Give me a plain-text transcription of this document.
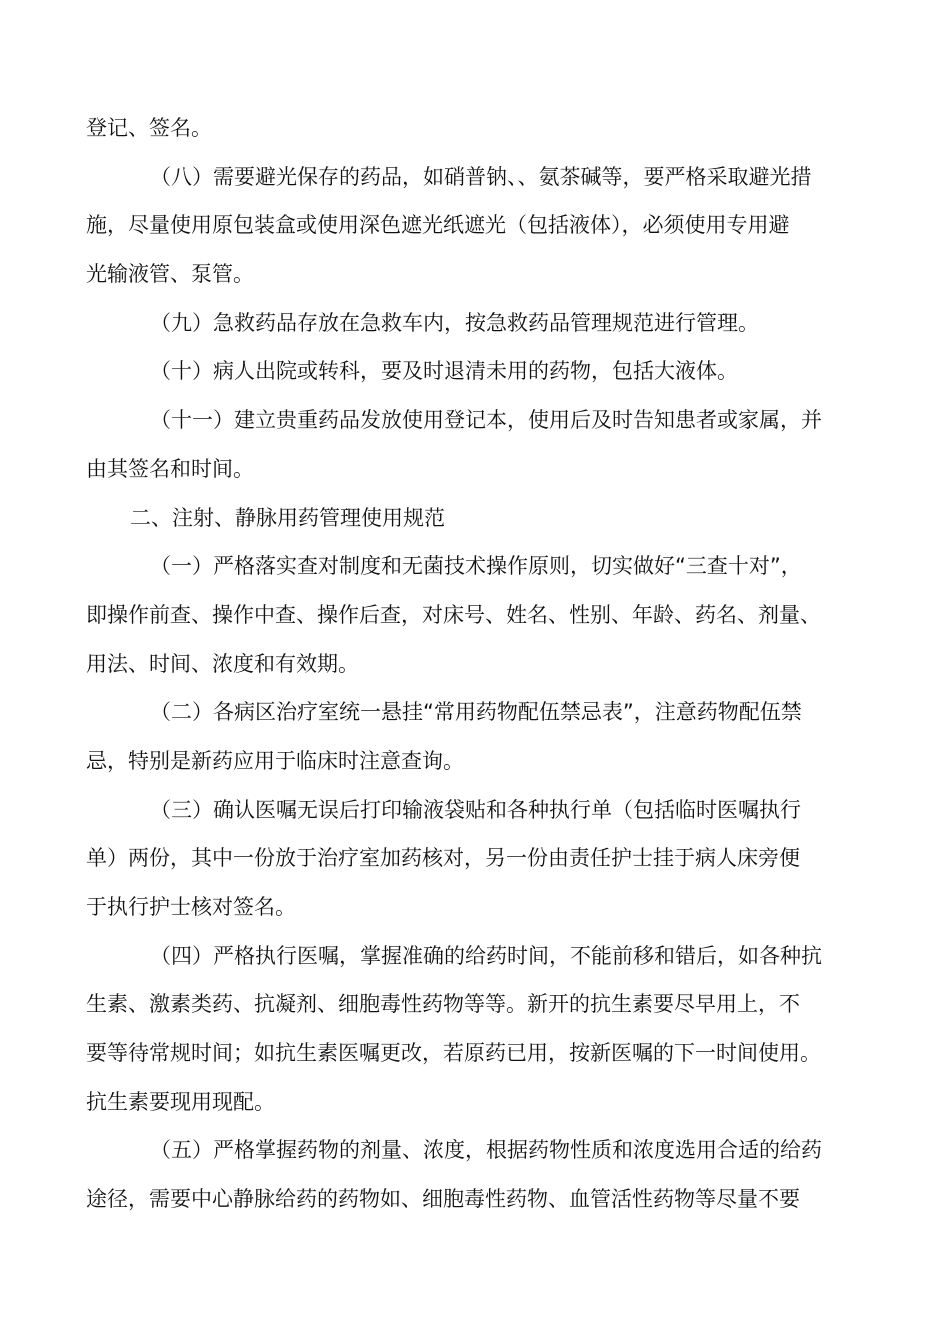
登记、签名。
（八）需要避光保存的药品，如硝普钠、、氨茶碱等，要严格采取避光措
施，尽量使用原包装盒或使用深色遮光纸遮光（包括液体），必须使用专用避
光输液管、泵管。
（九）急救药品存放在急救车内，按急救药品管理规范进行管理。
（十）病人出院或转科，要及时退清未用的药物，包括大液体。
（十一）建立贵重药品发放使用登记本，使用后及时告知患者或家属，并
由其签名和时间。
二、注射、静脉用药管理使用规范
（一）严格落实查对制度和无菌技术操作原则，切实做好“三查十对”，
即操作前查、操作中查、操作后查，对床号、姓名、性别、年龄、药名、剂量、
用法、时间、浓度和有效期。
（二）各病区治疗室统一悬挂“常用药物配伍禁忌表”，注意药物配伍禁
忌，特别是新药应用于临床时注意查询。
（三）确认医嘱无误后打印输液袋贴和各种执行单（包括临时医嘱执行
单）两份，其中一份放于治疗室加药核对，另一份由责任护士挂于病人床旁便
于执行护士核对签名。
（四）严格执行医嘱，掌握准确的给药时间，不能前移和错后，如各种抗
生素、激素类药、抗凝剂、细胞毒性药物等等。新开的抗生素要尽早用上，不
要等待常规时间；如抗生素医嘱更改，若原药已用，按新医嘱的下一时间使用。
抗生素要现用现配。
（五）严格掌握药物的剂量、浓度，根据药物性质和浓度选用合适的给药
途径，需要中心静脉给药的药物如、细胞毒性药物、血管活性药物等尽量不要
